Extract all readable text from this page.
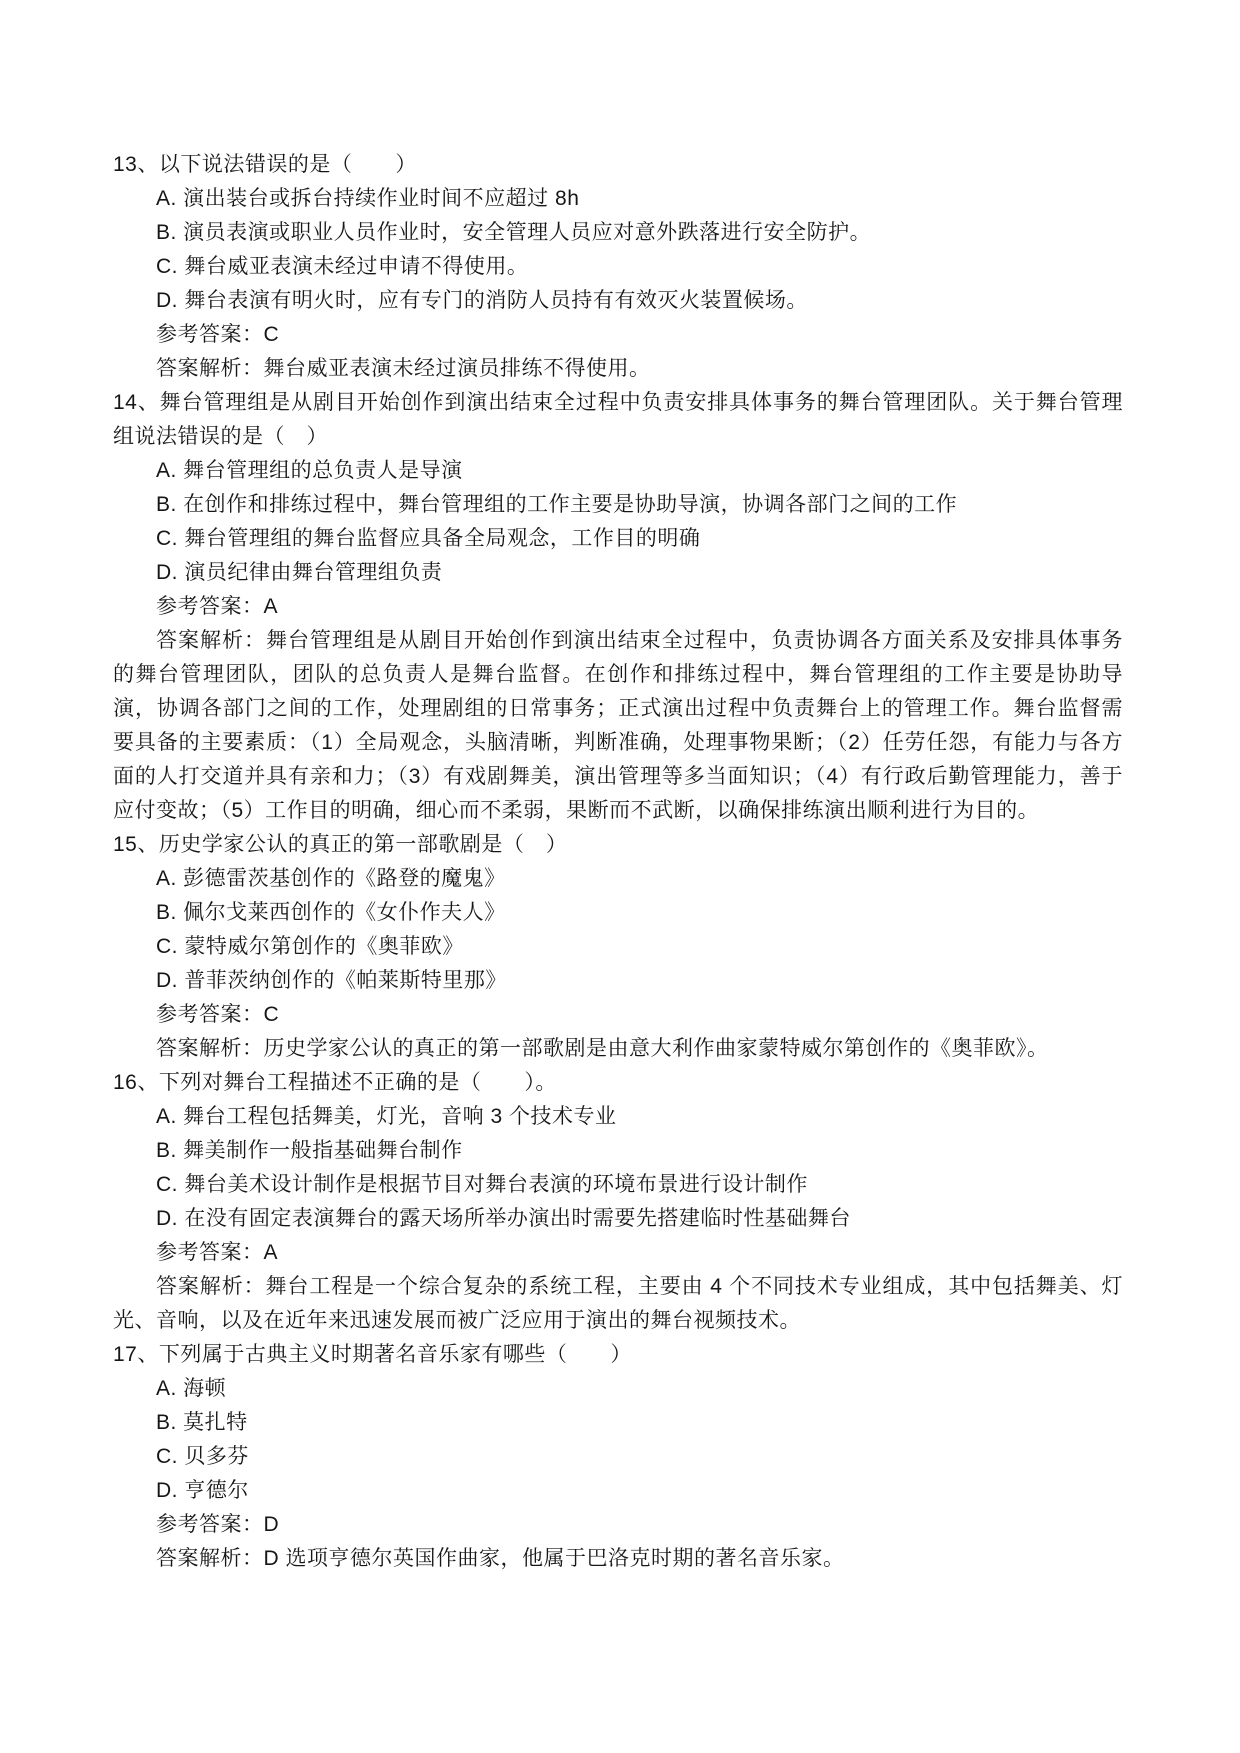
13、以下说法错误的是（　　）

A. 演出装台或拆台持续作业时间不应超过 8h

B. 演员表演或职业人员作业时，安全管理人员应对意外跌落进行安全防护。

C. 舞台威亚表演未经过申请不得使用。

D. 舞台表演有明火时，应有专门的消防人员持有有效灭火装置候场。

参考答案：C

答案解析：舞台威亚表演未经过演员排练不得使用。

14、舞台管理组是从剧目开始创作到演出结束全过程中负责安排具体事务的舞台管理团队。关于舞台管理组说法错误的是（　）

A. 舞台管理组的总负责人是导演

B. 在创作和排练过程中，舞台管理组的工作主要是协助导演，协调各部门之间的工作

C. 舞台管理组的舞台监督应具备全局观念，工作目的明确

D. 演员纪律由舞台管理组负责

参考答案：A

答案解析：舞台管理组是从剧目开始创作到演出结束全过程中，负责协调各方面关系及安排具体事务的舞台管理团队，团队的总负责人是舞台监督。在创作和排练过程中，舞台管理组的工作主要是协助导演，协调各部门之间的工作，处理剧组的日常事务；正式演出过程中负责舞台上的管理工作。舞台监督需要具备的主要素质：（1）全局观念，头脑清晰，判断准确，处理事物果断；（2）任劳任怨，有能力与各方面的人打交道并具有亲和力；（3）有戏剧舞美，演出管理等多当面知识；（4）有行政后勤管理能力，善于应付变故；（5）工作目的明确，细心而不柔弱，果断而不武断，以确保排练演出顺利进行为目的。

15、历史学家公认的真正的第一部歌剧是（　）

A. 彭德雷茨基创作的《路登的魔鬼》

B. 佩尔戈莱西创作的《女仆作夫人》

C. 蒙特威尔第创作的《奥菲欧》

D. 普菲茨纳创作的《帕莱斯特里那》

参考答案：C

答案解析：历史学家公认的真正的第一部歌剧是由意大利作曲家蒙特威尔第创作的《奥菲欧》。

16、下列对舞台工程描述不正确的是（　　）。

A. 舞台工程包括舞美，灯光，音响 3 个技术专业

B. 舞美制作一般指基础舞台制作

C. 舞台美术设计制作是根据节目对舞台表演的环境布景进行设计制作

D. 在没有固定表演舞台的露天场所举办演出时需要先搭建临时性基础舞台

参考答案：A

答案解析：舞台工程是一个综合复杂的系统工程，主要由 4 个不同技术专业组成，其中包括舞美、灯光、音响，以及在近年来迅速发展而被广泛应用于演出的舞台视频技术。

17、下列属于古典主义时期著名音乐家有哪些（　　）

A. 海顿

B. 莫扎特

C. 贝多芬

D. 亨德尔

参考答案：D

答案解析：D 选项亨德尔英国作曲家，他属于巴洛克时期的著名音乐家。
